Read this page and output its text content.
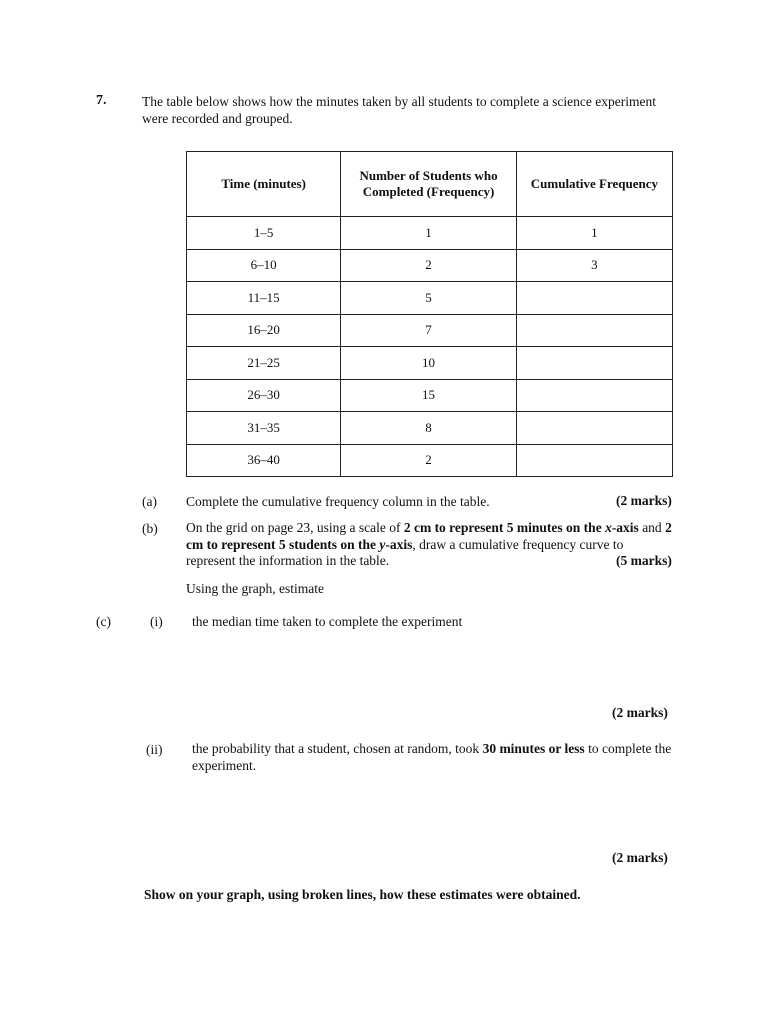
7.	The table below shows how the minutes taken by all students to complete a science experiment were recorded and grouped.
Time (minutes)	Number of Students who Completed (Frequency)	Cumulative Frequency
1–5	1	1
6–10	2	3
11–15	5	
16–20	7	
21–25	10	
26–30	15	
31–35	8	
36–40	2	
(a) Complete the cumulative frequency column in the table.	(2 marks)
(b) On the grid on page 23, using a scale of 2 cm to represent 5 minutes on the x-axis and 2 cm to represent 5 students on the y-axis, draw a cumulative frequency curve to represent the information in the table.	(5 marks)
Using the graph, estimate
(c)	(i) the median time taken to complete the experiment
(2 marks)
(ii) the probability that a student, chosen at random, took 30 minutes or less to complete the experiment.
(2 marks)
Show on your graph, using broken lines, how these estimates were obtained.
